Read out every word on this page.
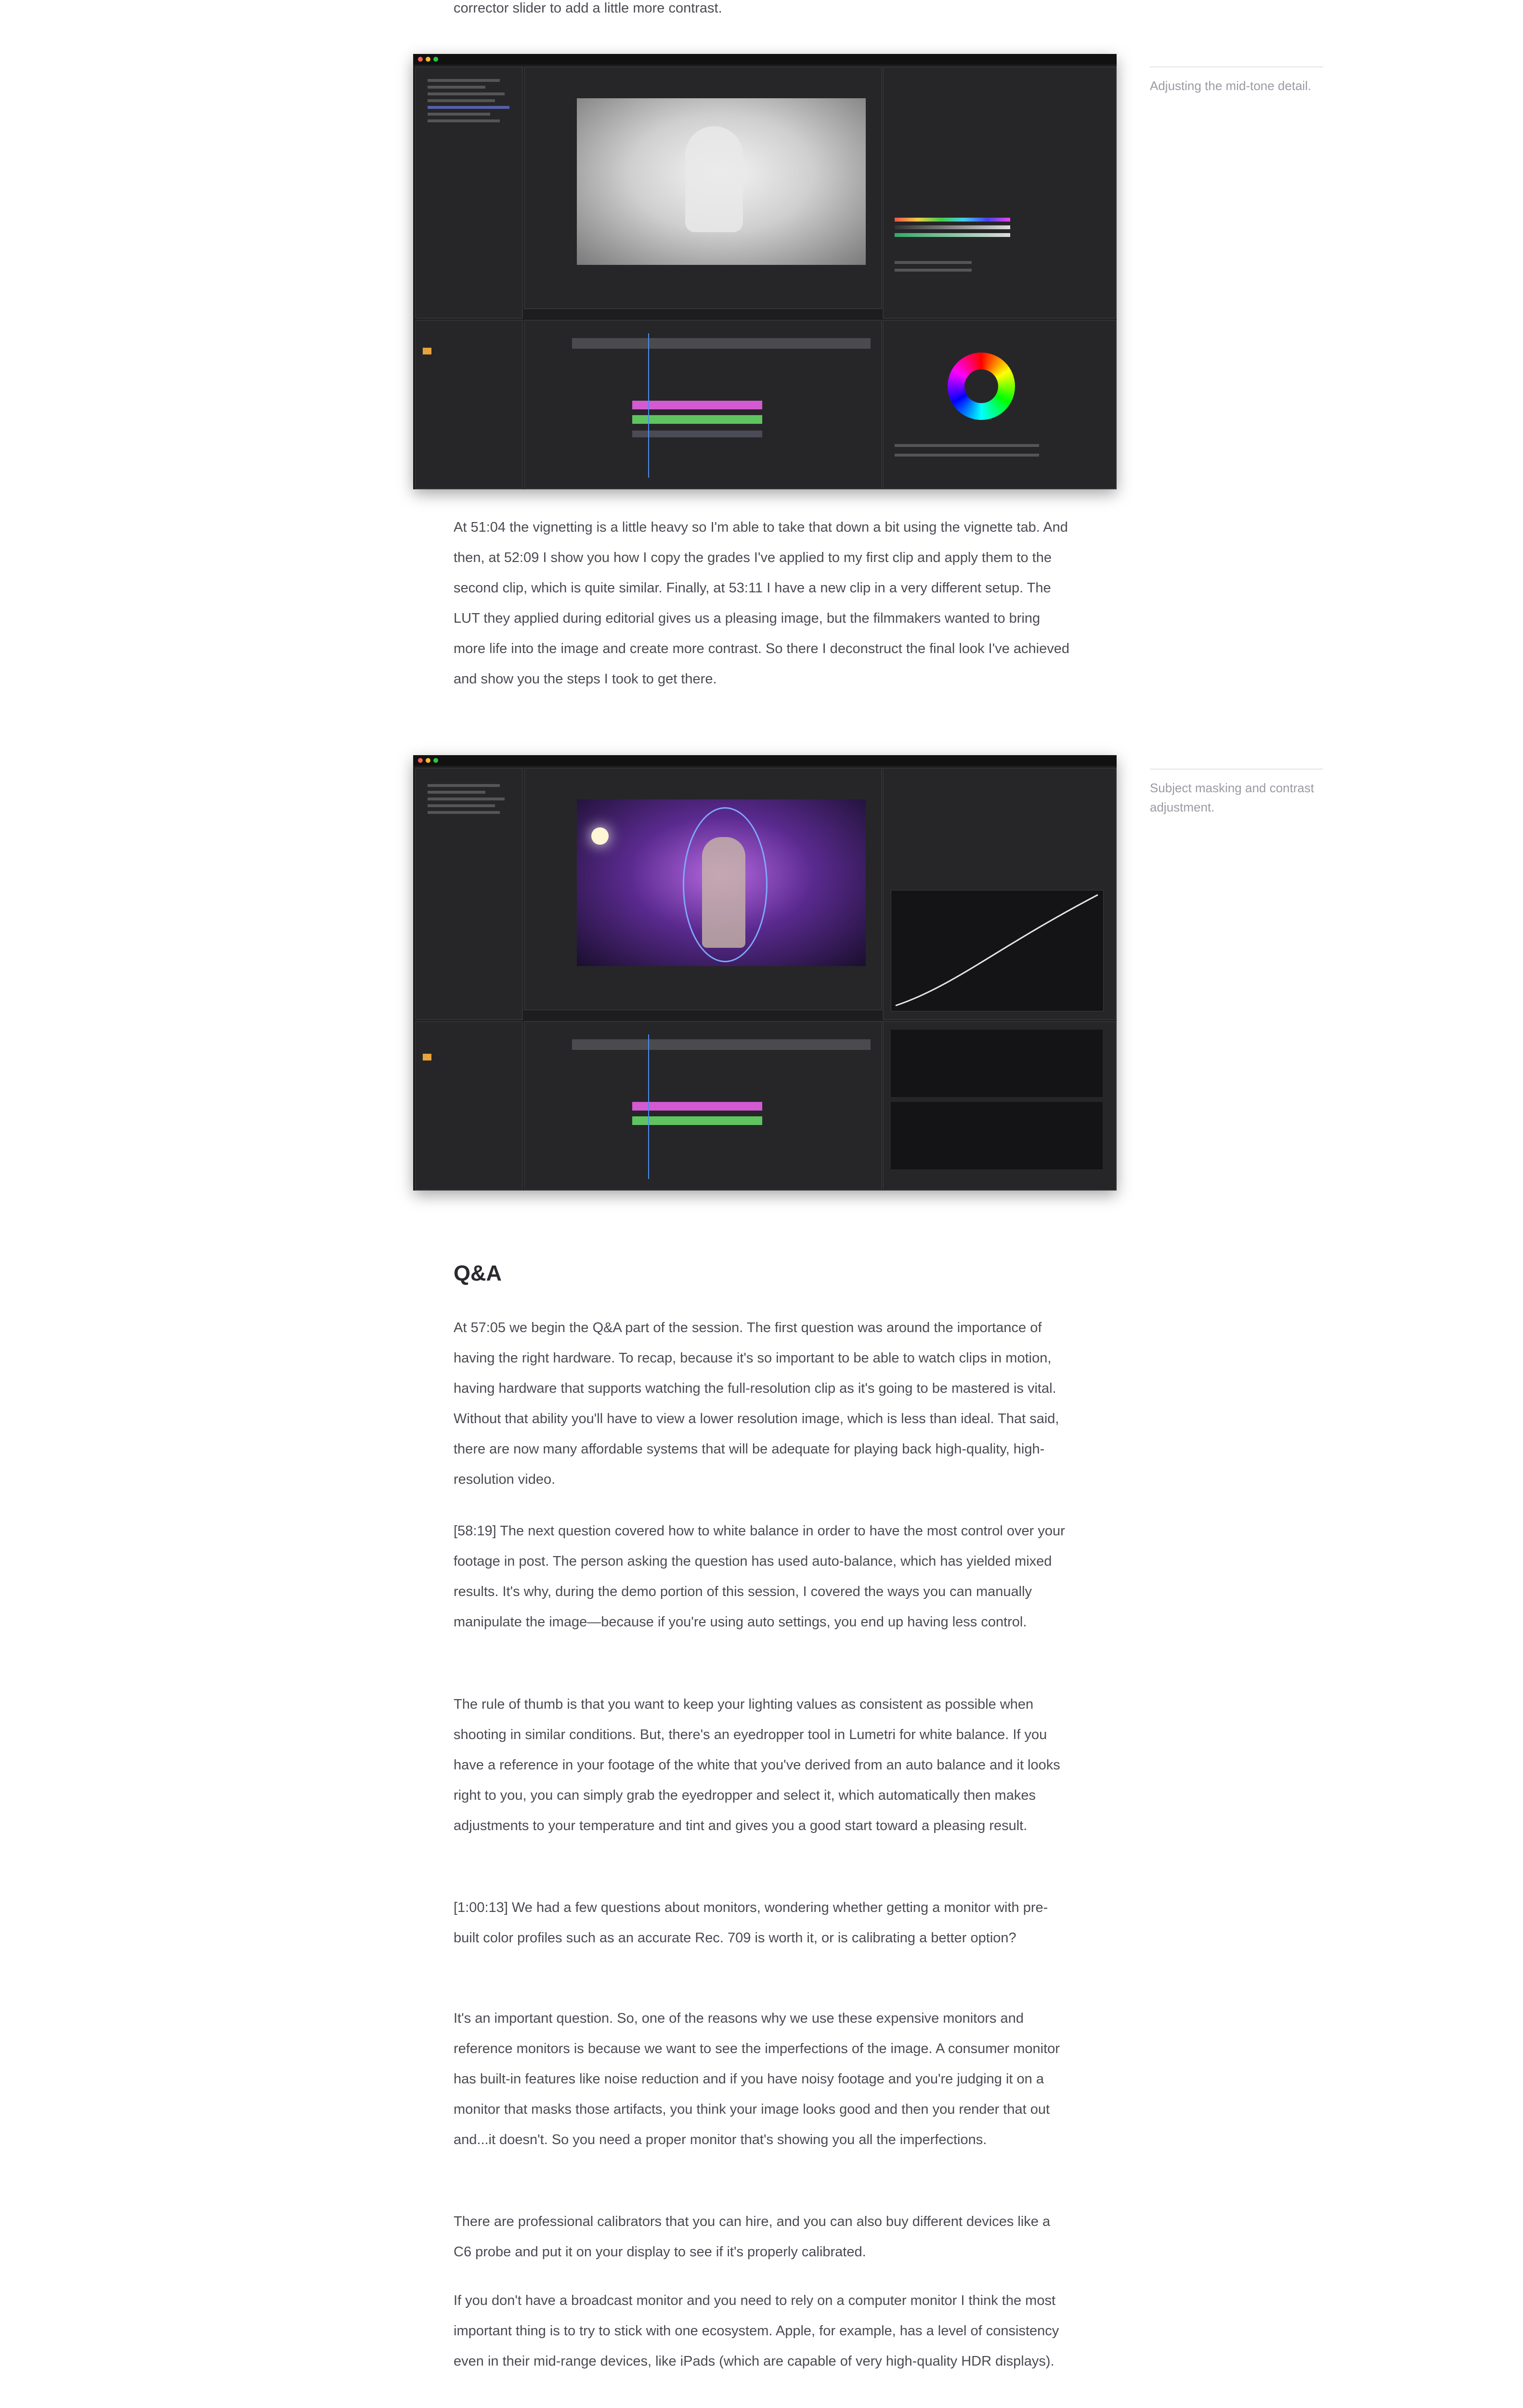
corrector slider to add a little more contrast.

Adjusting the mid-tone detail.

At 51:04 the vignetting is a little heavy so I'm able to take that down a bit using the vignette tab. And then, at 52:09 I show you how I copy the grades I've applied to my first clip and apply them to the second clip, which is quite similar. Finally, at 53:11 I have a new clip in a very different setup. The LUT they applied during editorial gives us a pleasing image, but the filmmakers wanted to bring more life into the image and create more contrast. So there I deconstruct the final look I've achieved and show you the steps I took to get there.

Subject masking and contrast adjustment.
Q&A

At 57:05 we begin the Q&A part of the session. The first question was around the importance of having the right hardware. To recap, because it's so important to be able to watch clips in motion, having hardware that supports watching the full-resolution clip as it's going to be mastered is vital. Without that ability you'll have to view a lower resolution image, which is less than ideal. That said, there are now many affordable systems that will be adequate for playing back high-quality, high-resolution video.

[58:19] The next question covered how to white balance in order to have the most control over your footage in post. The person asking the question has used auto-balance, which has yielded mixed results. It's why, during the demo portion of this session, I covered the ways you can manually manipulate the image—because if you're using auto settings, you end up having less control.

The rule of thumb is that you want to keep your lighting values as consistent as possible when shooting in similar conditions. But, there's an eyedropper tool in Lumetri for white balance. If you have a reference in your footage of the white that you've derived from an auto balance and it looks right to you, you can simply grab the eyedropper and select it, which automatically then makes adjustments to your temperature and tint and gives you a good start toward a pleasing result.

[1:00:13] We had a few questions about monitors, wondering whether getting a monitor with pre-built color profiles such as an accurate Rec. 709 is worth it, or is calibrating a better option?

It's an important question. So, one of the reasons why we use these expensive monitors and reference monitors is because we want to see the imperfections of the image. A consumer monitor has built-in features like noise reduction and if you have noisy footage and you're judging it on a monitor that masks those artifacts, you think your image looks good and then you render that out and...it doesn't. So you need a proper monitor that's showing you all the imperfections.

There are professional calibrators that you can hire, and you can also buy different devices like a C6 probe and put it on your display to see if it's properly calibrated.

If you don't have a broadcast monitor and you need to rely on a computer monitor I think the most important thing is to try to stick with one ecosystem. Apple, for example, has a level of consistency even in their mid-range devices, like iPads (which are capable of very high-quality HDR displays).
